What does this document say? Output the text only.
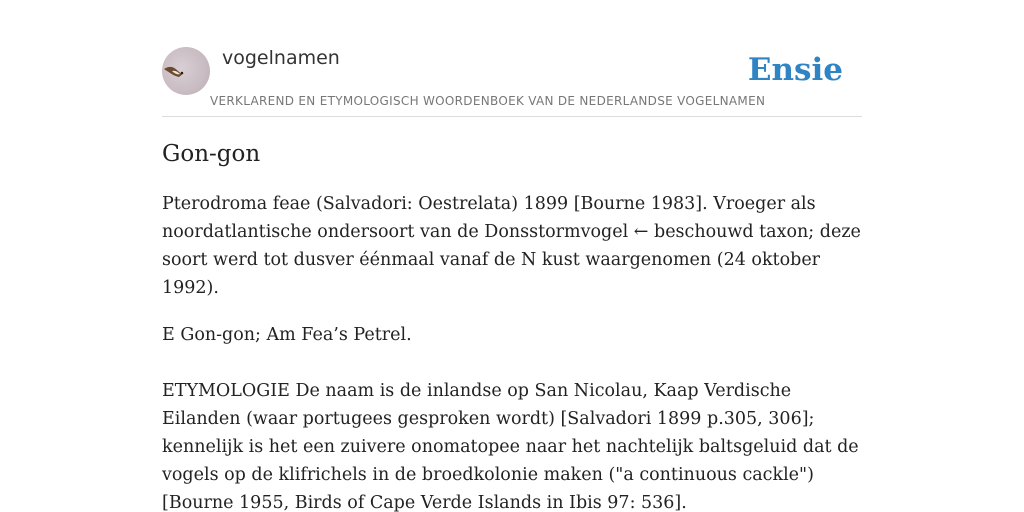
vogelnamen
VERKLAREND EN ETYMOLOGISCH WOORDENBOEK VAN DE NEDERLANDSE VOGELNAMEN
Ensie
Gon-gon

Pterodroma feae (Salvadori: Oestrelata) 1899 [Bourne 1983]. Vroeger als noordatlantische ondersoort van de Donsstormvogel ← beschouwd taxon; deze soort werd tot dusver éénmaal vanaf de N kust waargenomen (24 oktober 1992).

E Gon-gon; Am Fea’s Petrel.

ETYMOLOGIE De naam is de inlandse op San Nicolau, Kaap Verdische Eilanden (waar portugees gesproken wordt) [Salvadori 1899 p.305, 306]; kennelijk is het een zuivere onomatopee naar het nachtelijk baltsgeluid dat de vogels op de klifrichels in de broedkolonie maken ("a continuous cackle") [Bourne 1955, Birds of Cape Verde Islands in Ibis 97: 536].
